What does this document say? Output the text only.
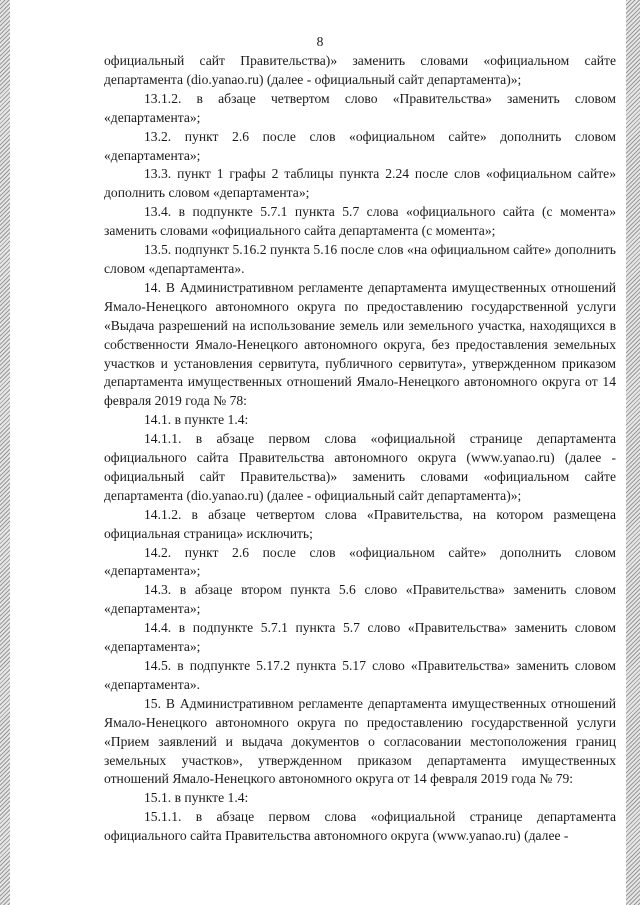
8

официальный сайт Правительства)» заменить словами «официальном сайте департамента (dio.yanao.ru) (далее - официальный сайт департамента)»;

13.1.2. в абзаце четвертом слово «Правительства» заменить словом «департамента»;

13.2. пункт 2.6 после слов «официальном сайте» дополнить словом «департамента»;

13.3. пункт 1 графы 2 таблицы пункта 2.24 после слов «официальном сайте» дополнить словом «департамента»;

13.4. в подпункте 5.7.1 пункта 5.7 слова «официального сайта (с момента» заменить словами «официального сайта департамента (с момента»;

13.5. подпункт 5.16.2 пункта 5.16 после слов «на официальном сайте» дополнить словом «департамента».

14. В Административном регламенте департамента имущественных отношений Ямало-Ненецкого автономного округа по предоставлению государственной услуги «Выдача разрешений на использование земель или земельного участка, находящихся в собственности Ямало-Ненецкого автономного округа, без предоставления земельных участков и установления сервитута, публичного сервитута», утвержденном приказом департамента имущественных отношений Ямало-Ненецкого автономного округа от 14 февраля 2019 года № 78:

14.1. в пункте 1.4:

14.1.1. в абзаце первом слова «официальной странице департамента официального сайта Правительства автономного округа (www.yanao.ru) (далее - официальный сайт Правительства)» заменить словами «официальном сайте департамента (dio.yanao.ru) (далее - официальный сайт департамента)»;

14.1.2. в абзаце четвертом слова «Правительства, на котором размещена официальная страница» исключить;

14.2. пункт 2.6 после слов «официальном сайте» дополнить словом «департамента»;

14.3. в абзаце втором пункта 5.6 слово «Правительства» заменить словом «департамента»;

14.4. в подпункте 5.7.1 пункта 5.7 слово «Правительства» заменить словом «департамента»;

14.5. в подпункте 5.17.2 пункта 5.17 слово «Правительства» заменить словом «департамента».

15. В Административном регламенте департамента имущественных отношений Ямало-Ненецкого автономного округа по предоставлению государственной услуги «Прием заявлений и выдача документов о согласовании местоположения границ земельных участков», утвержденном приказом департамента имущественных отношений Ямало-Ненецкого автономного округа от 14 февраля 2019 года № 79:

15.1. в пункте 1.4:

15.1.1. в абзаце первом слова «официальной странице департамента официального сайта Правительства автономного округа (www.yanao.ru) (далее -
